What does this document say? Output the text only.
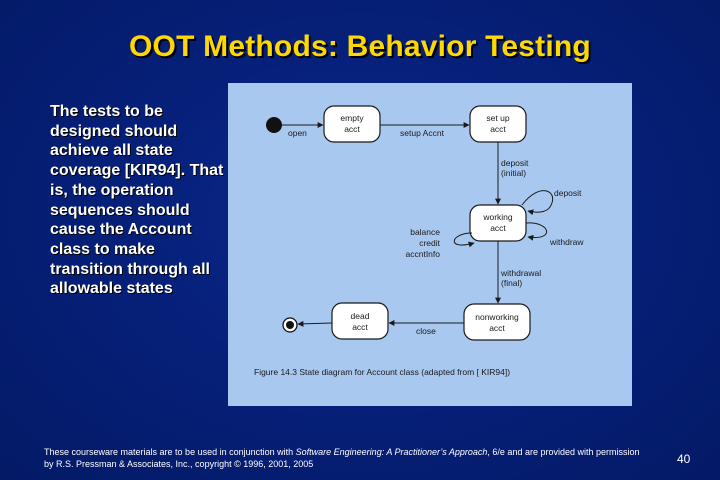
OOT Methods: Behavior Testing
The tests to be designed should achieve all state coverage [KIR94]. That is, the operation sequences should cause the Account class to make transition through all allowable states
empty
acct
set up
acct
working
acct
dead
acct
nonworking
acct
open	setup Accnt
deposit
(initial)
deposit
withdraw
balance
credit
accntInfo
withdrawal
(final)
close
Figure 14.3 State diagram for Account class (adapted from [ KIR94])
These courseware materials are to be used in conjunction with Software Engineering: A Practitioner’s Approach, 6/e and are provided with permission by R.S. Pressman & Associates, Inc., copyright © 1996, 2001, 2005	40
